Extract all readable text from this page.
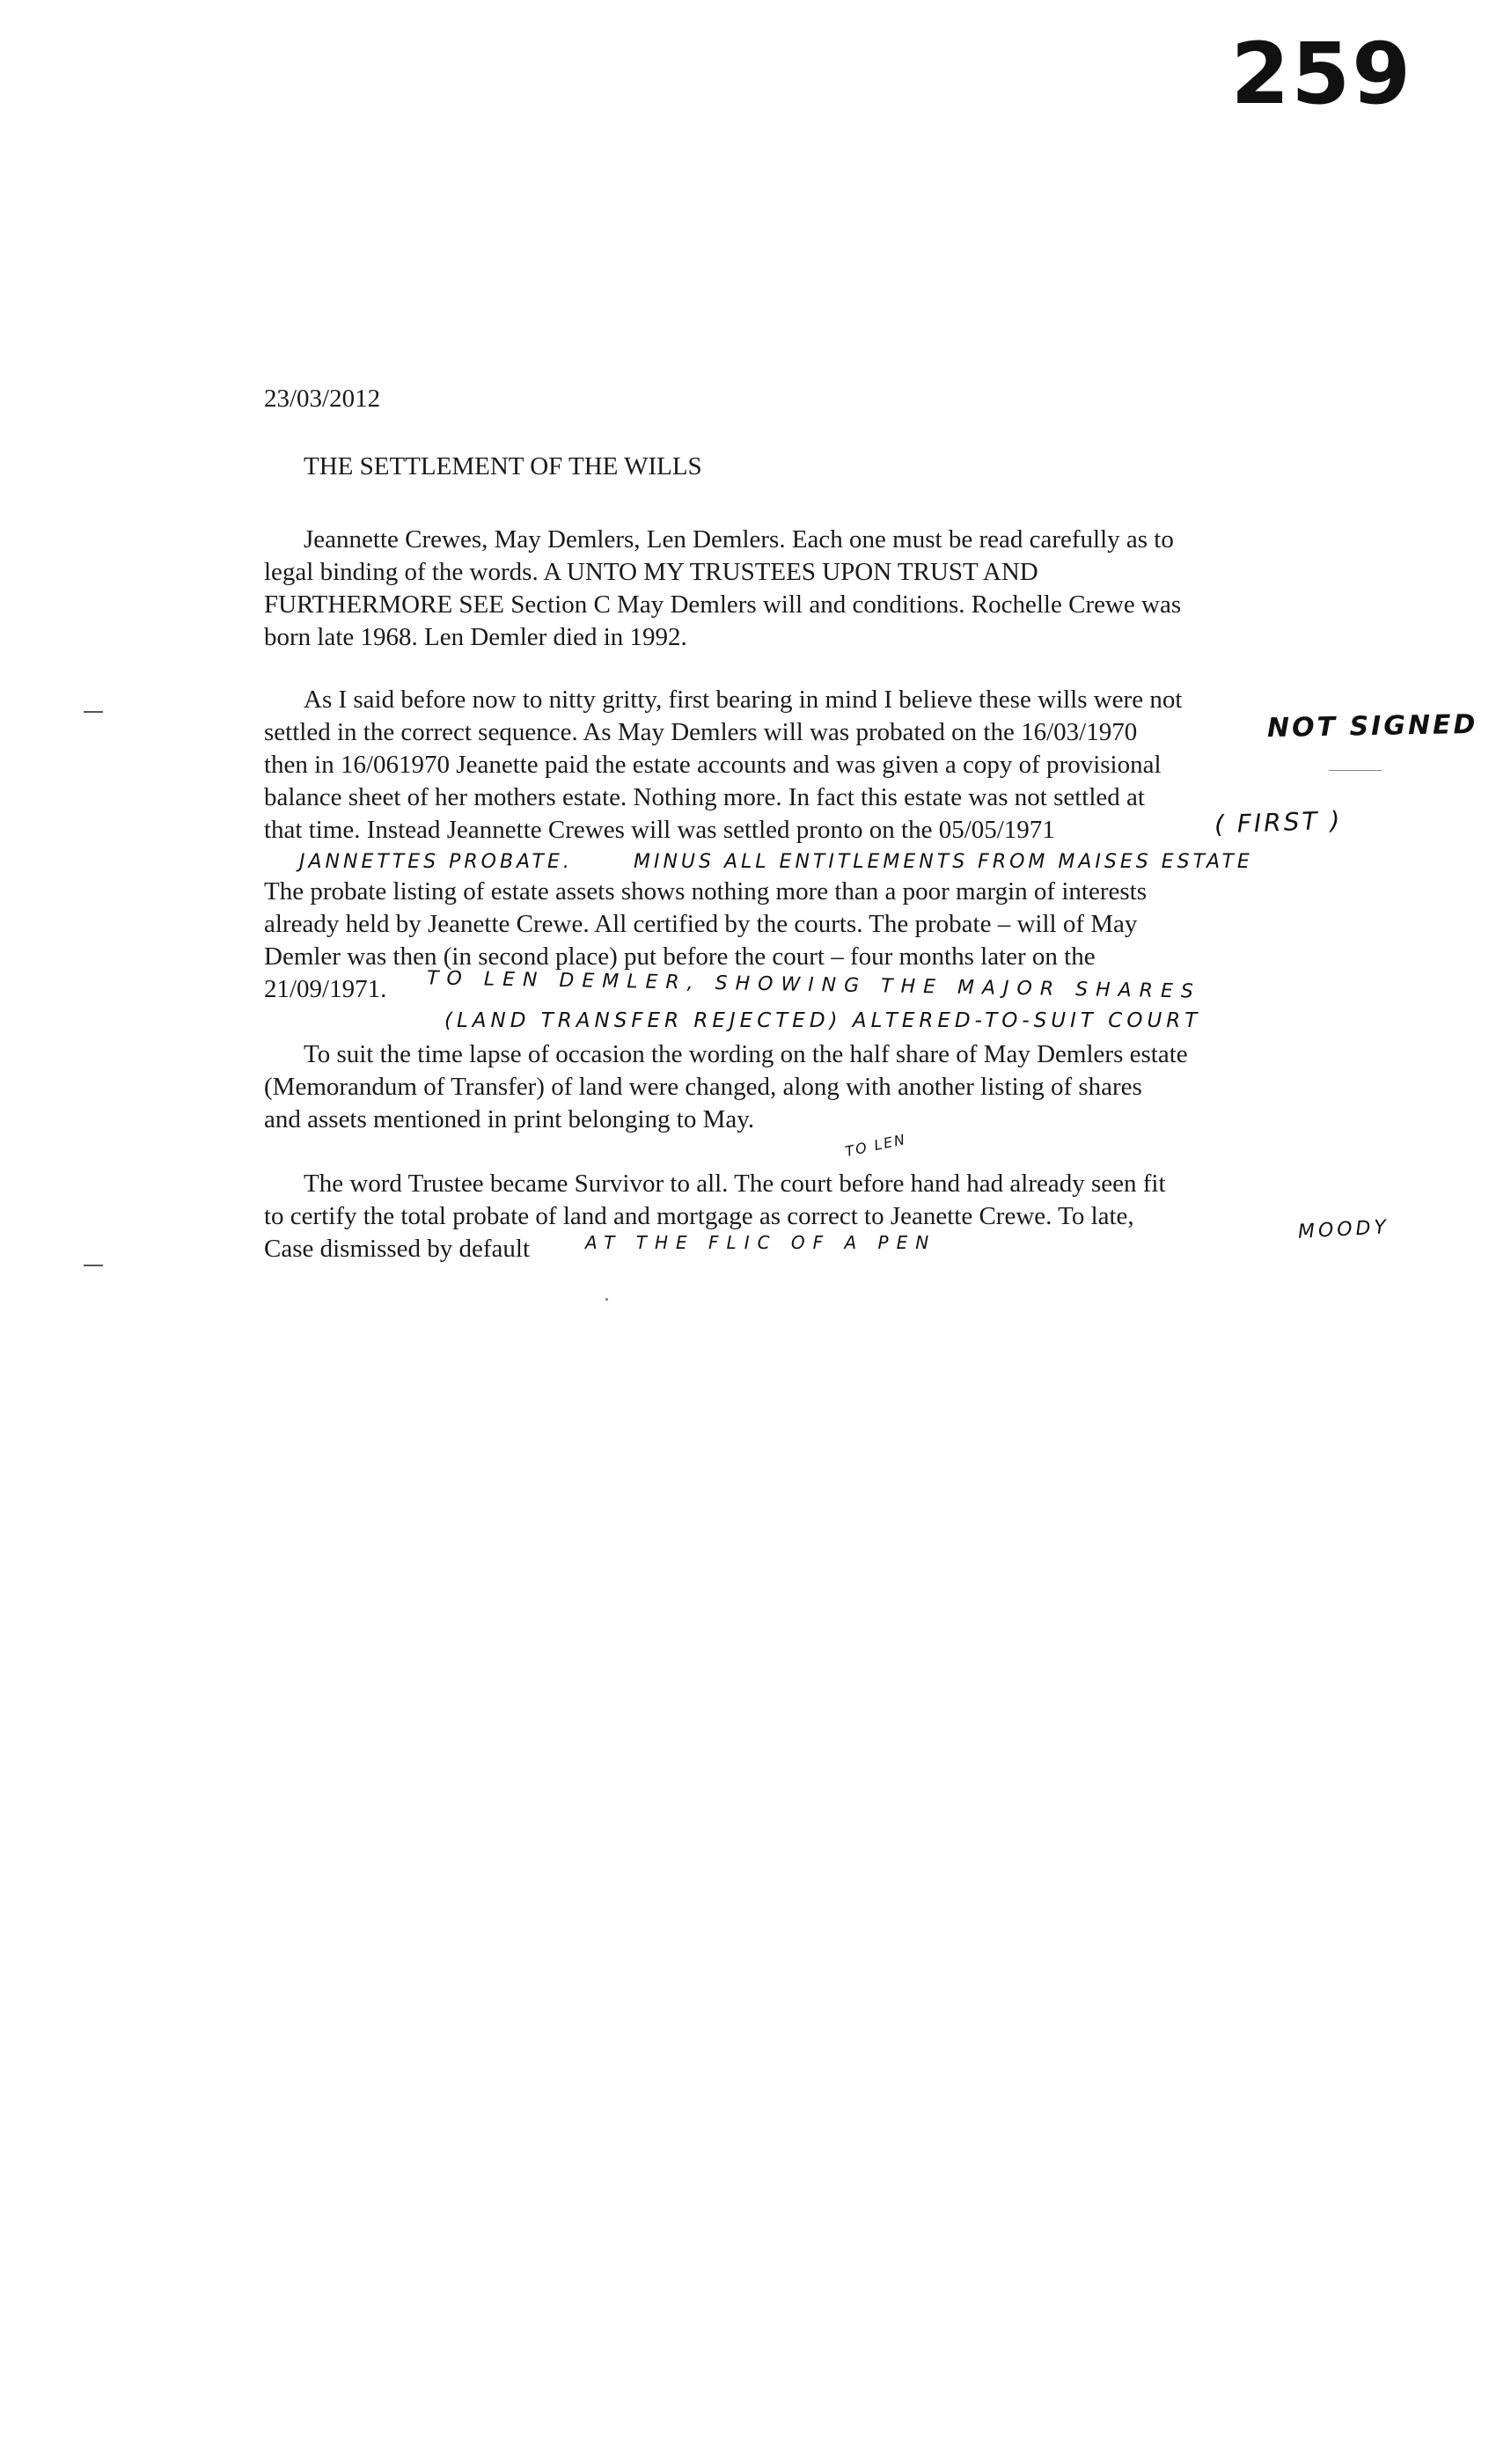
259
23/03/2012
THE SETTLEMENT OF THE WILLS
Jeannette Crewes, May Demlers, Len Demlers. Each one must be read carefully as to
legal binding of the words. A UNTO MY TRUSTEES UPON TRUST AND
FURTHERMORE SEE Section C May Demlers will and conditions. Rochelle Crewe was
born late 1968. Len Demler died in 1992.
As I said before now to nitty gritty, first bearing in mind I believe these wills were not
settled in the correct sequence. As May Demlers will was probated on the 16/03/1970
then in 16/061970 Jeanette paid the estate accounts and was given a copy of provisional
balance sheet of her mothers estate. Nothing more. In fact this estate was not settled at
that time. Instead Jeannette Crewes will was settled pronto on the 05/05/1971
The probate listing of estate assets shows nothing more than a poor margin of interests
already held by Jeanette Crewe. All certified by the courts. The probate – will of May
Demler was then (in second place) put before the court – four months later on the
21/09/1971.
To suit the time lapse of occasion the wording on the half share of May Demlers estate
(Memorandum of Transfer) of land were changed, along with another listing of shares
and assets mentioned in print belonging to May.
The word Trustee became Survivor to all. The court before hand had already seen fit
to certify the total probate of land and mortgage as correct to Jeanette Crewe. To late,
Case dismissed by default
NOT SIGNED
( FIRST )
JANNETTES PROBATE.	MINUS ALL ENTITLEMENTS FROM MAISES ESTATE
TO LEN DEMLER, SHOWING THE MAJOR SHARES
(LAND TRANSFER REJECTED) ALTERED-TO-SUIT COURT
TO LEN
MOODY
AT THE FLIC OF A PEN
